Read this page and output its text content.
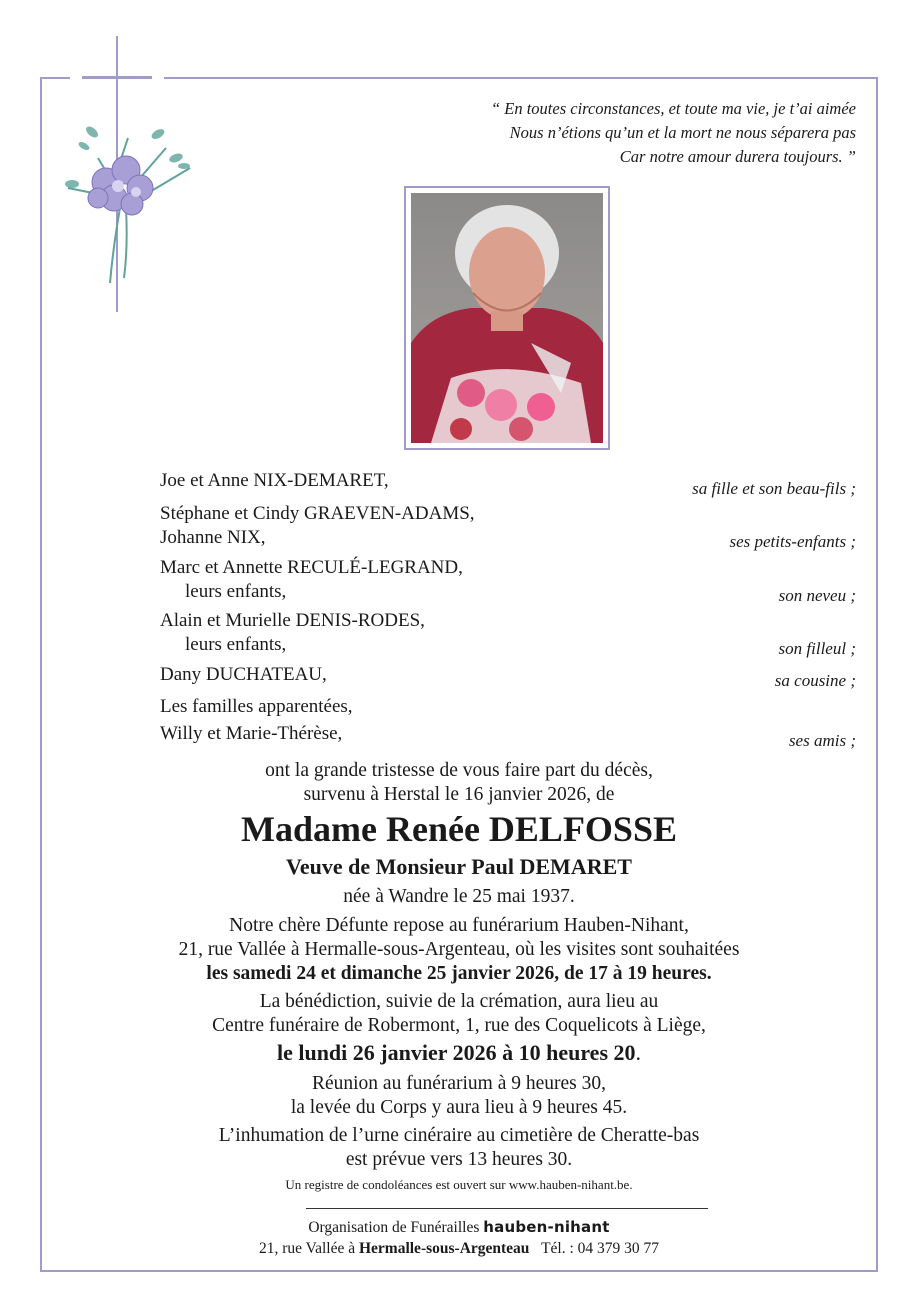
“ En toutes circonstances, et toute ma vie, je t’ai aimée
Nous n’étions qu’un et la mort ne nous séparera pas
Car notre amour durera toujours. ”
Joe et Anne NIX-DEMARET,	sa fille et son beau-fils ;
Stéphane et Cindy GRAEVEN-ADAMS,
Johanne NIX,	ses petits-enfants ;
Marc et Annette RECULÉ-LEGRAND,
leurs enfants,	son neveu ;
Alain et Murielle DENIS-RODES,
leurs enfants,	son filleul ;
Dany DUCHATEAU,	sa cousine ;
Les familles apparentées,
Willy et Marie-Thérèse,	ses amis ;
ont la grande tristesse de vous faire part du décès,
survenu à Herstal le 16 janvier 2026, de
Madame Renée DELFOSSE
Veuve de Monsieur Paul DEMARET
née à Wandre le 25 mai 1937.
Notre chère Défunte repose au funérarium Hauben-Nihant,
21, rue Vallée à Hermalle-sous-Argenteau, où les visites sont souhaitées
les samedi 24 et dimanche 25 janvier 2026, de 17 à 19 heures.
La bénédiction, suivie de la crémation, aura lieu au
Centre funéraire de Robermont, 1, rue des Coquelicots à Liège,
le lundi 26 janvier 2026 à 10 heures 20.
Réunion au funérarium à 9 heures 30,
la levée du Corps y aura lieu à 9 heures 45.
L’inhumation de l’urne cinéraire au cimetière de Cheratte-bas
est prévue vers 13 heures 30.
Un registre de condoléances est ouvert sur www.hauben-nihant.be.
Organisation de Funérailles hauben-nihant
21, rue Vallée à Hermalle-sous-Argenteau Tél. : 04 379 30 77
